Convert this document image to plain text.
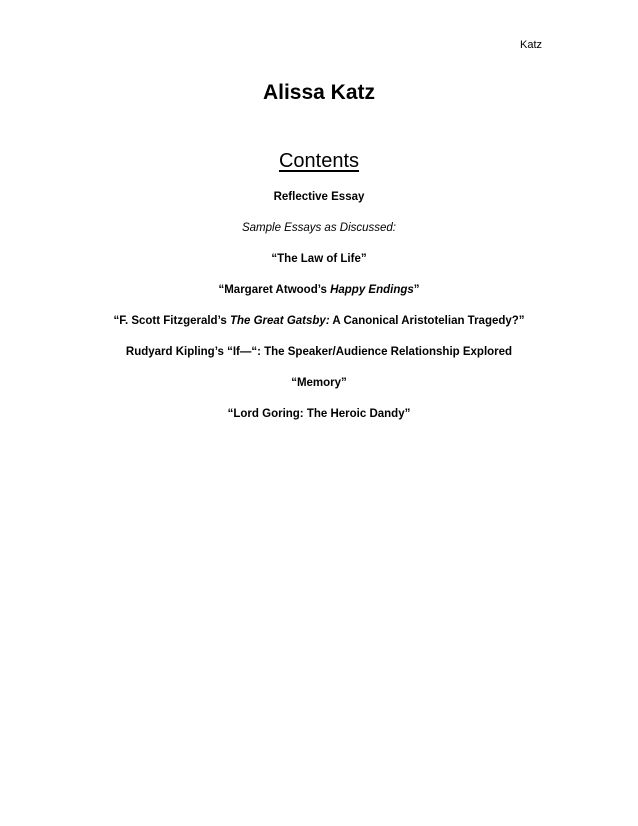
Katz
Alissa Katz
Contents
Reflective Essay
Sample Essays as Discussed:
“The Law of Life”
“Margaret Atwood’s Happy Endings”
“F. Scott Fitzgerald’s The Great Gatsby: A Canonical Aristotelian Tragedy?”
Rudyard Kipling’s “If—“: The Speaker/Audience Relationship Explored
“Memory”
“Lord Goring: The Heroic Dandy”
